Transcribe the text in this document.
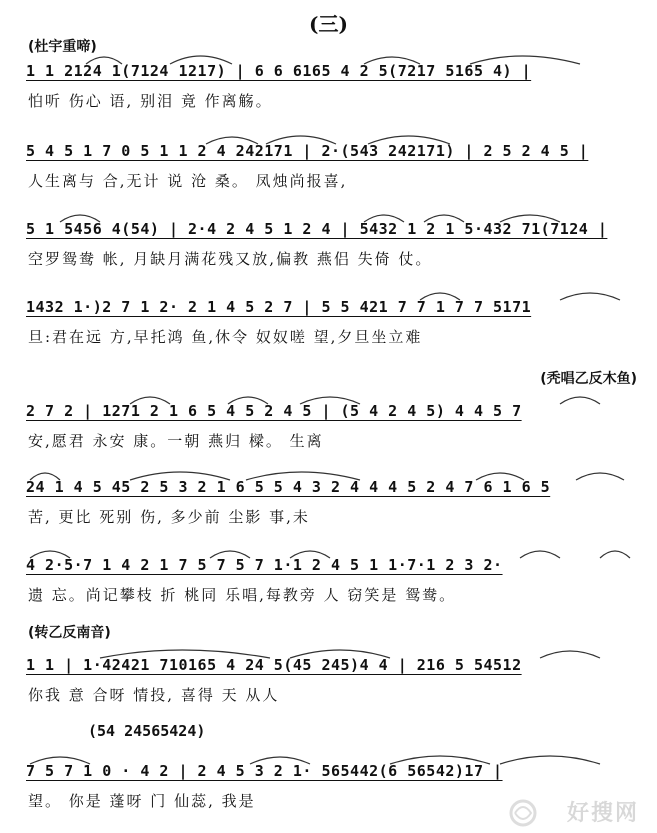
(三)
(杜宇重啼)
1 1 2124 1(7124 1217) | 6 6 6165 4 2 5(7217 5165 4) |
怕听 伤心 语, 别泪 竟 作离觞。
5 4 5 1 7 0 5 1 1 2 4 242171 | 2·(543 242171) | 2 5 2 4 5 |
人生离与 合,无计 说 沧 桑。 凤烛尚报喜,
5 1 5456 4(54) | 2·4 2 4 5 1 2 4 | 5432 1 2 1 5·432 71(7124 |
空罗鸳鸯 帐, 月缺月满花残又放,偏教 燕侣 失倚 仗。
1432 1·)2 7 1 2· 2 1 4 5 2 7 | 5 5 421 7 7 1 7 7 5171
旦:君在远 方,早托鸿 鱼,休令 奴奴嗟 望,夕旦坐立难
(秃唱乙反木鱼)
2 7 2 | 1271 2 1 6 5 4 5 2 4 5 | (5 4 2 4 5) 4 4 5 7
安,愿君 永安 康。一朝 燕归 樑。 生离
24 1 4 5 45 2 5 3 2 1 6 5 5 4 3 2 4 4 4 5 2 4 7 6 1 6 5
苦, 更比 死别 伤, 多少前 尘影 事,未
4 2·5·7 1 4 2 1 7 5 7 5 7 1·1 2 4 5 1 1·7·1 2 3 2·
遗 忘。尚记攀枝 折 桃同 乐唱,每教旁 人 窃笑是 鸳鸯。
(转乙反南音)
1 1 | 1·42421 710165 4 24 5(45 245)4 4 | 216 5 54512
你我 意 合呀 情投, 喜得 天 从人
(54 24565424)
7 5 7 1 0 · 4 2 | 2 4 5 3 2 1· 565442(6 56542)17 |
望。 你是 蓬呀 门 仙蕊, 我是	好搜网
